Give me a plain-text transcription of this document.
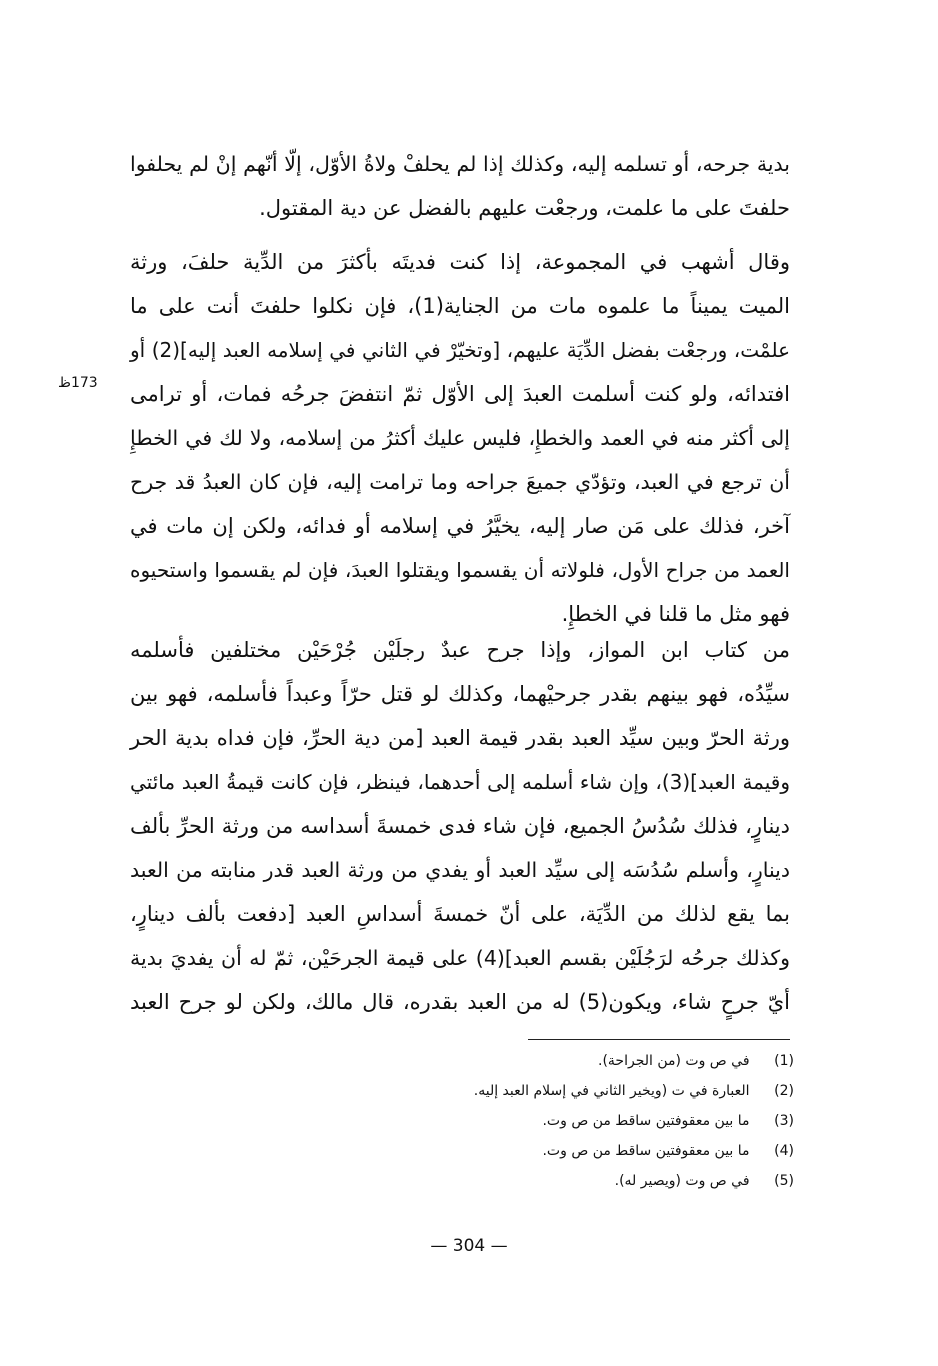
بدية جرحه، أو تسلمه إليه، وكذلك إذا لم يحلفْ ولاةُ الأوّل، إلّا أنّهم إنْ لم يحلفوا
حلفتَ على ما علمت، ورجعْت عليهم بالفضل عن دية المقتول.
وقال أشهب في المجموعة، إذا كنت فديتَه بأكثرَ من الدِّية حلفَ، ورثة
الميت يميناً ما علموه مات من الجناية(1)، فإن نكلوا حلفتَ أنت على ما
علمْت، ورجعْت بفضل الدِّيَة عليهم، [وتخيّرْ في الثاني في إسلامه العبد إليه](2) أو
افتدائه، ولو كنت أسلمت العبدَ إلى الأوّل ثمّ انتفضَ جرحُه فمات، أو ترامى
إلى أكثر منه في العمد والخطإِ، فليس عليك أكثرُ من إسلامه، ولا لك في الخطإِ
أن ترجع في العبد، وتؤدّي جميعَ جراحه وما ترامت إليه، فإن كان العبدُ قد جرح
آخر، فذلك على مَن صار إليه، يخيَّرُ في إسلامه أو فدائه، ولكن إن مات في
العمد من جراح الأول، فلولاته أن يقسموا ويقتلوا العبدَ، فإن لم يقسموا واستحيوه
فهو مثل ما قلنا في الخطإِ.
173ظ
من كتاب ابن المواز، وإذا جرح عبدٌ رجلَيْن جُرْحَيْن مختلفين فأسلمه
سيِّدُه، فهو بينهم بقدر جرحيْهما، وكذلك لو قتل حرّاً وعبداً فأسلمه، فهو بين
ورثة الحرّ وبين سيِّد العبد بقدر قيمة العبد [من دية الحرِّ، فإن فداه بدية الحر
وقيمة العبد](3)، وإن شاء أسلمه إلى أحدهما، فينظر، فإن كانت قيمةُ العبد مائتي
دينارٍ، فذلك سُدُسُ الجميع، فإن شاء فدى خمسةَ أسداسه من ورثة الحرِّ بألف
دينارٍ، وأسلم سُدُسَه إلى سيِّد العبد أو يفدي من ورثة العبد قدر منابته من العبد
بما يقع لذلك من الدِّيَة، على أنّ خمسةَ أسداسِ العبد [دفعت بألف دينارٍ،
وكذلك جرحُه لرَجُلَيْن بقسم العبد](4) على قيمة الجرحَيْن، ثمّ له أن يفديَ بدية
أيّ جرحٍ شاء، ويكون(5) له من العبد بقدره، قال مالك، ولكن لو جرح العبد
(1) في ص وت (من الجراحة).
(2) العبارة في ت (ويخير الثاني في إسلام العبد إليه.
(3) ما بين معقوفتين ساقط من ص وت.
(4) ما بين معقوفتين ساقط من ص وت.
(5) في ص وت (ويصير له).
— 304 —
